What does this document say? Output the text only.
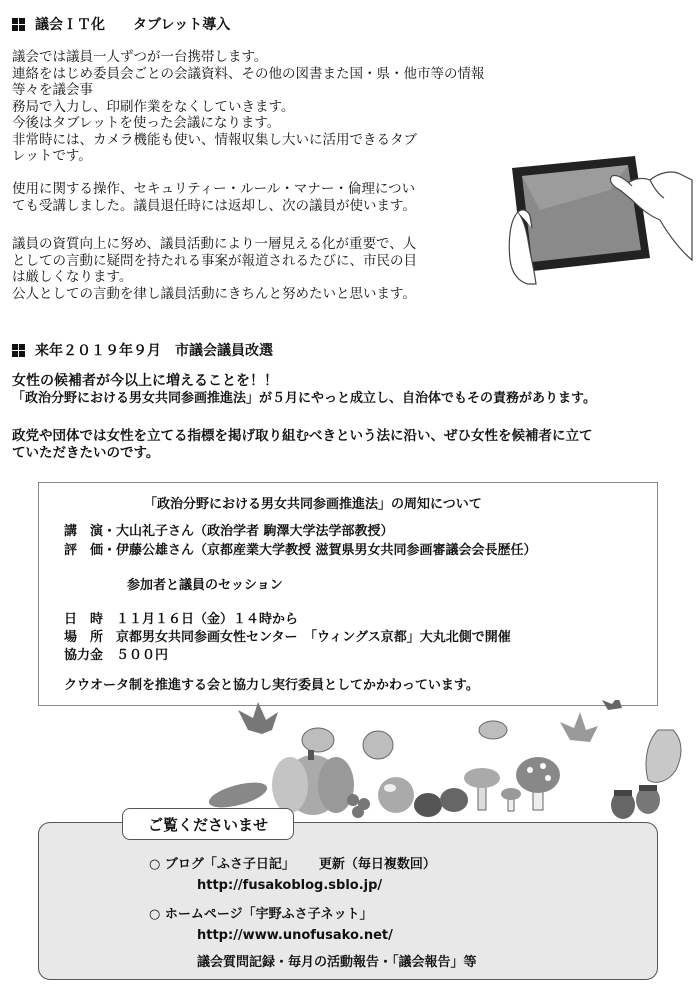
議会ＩＴ化　　タブレット導入
議会では議員一人ずつが一台携帯します。
連絡をはじめ委員会ごとの会議資料、その他の図書また国・県・他市等の情報等々を議会事
務局で入力し、印刷作業をなくしていきます。
今後はタブレットを使った会議になります。
非常時には、カメラ機能も使い、情報収集し大いに活用できるタブ
レットです。
使用に関する操作、セキュリティー・ルール・マナー・倫理につい
ても受講しました。議員退任時には返却し、次の議員が使います。
議員の資質向上に努め、議員活動により一層見える化が重要で、人
としての言動に疑問を持たれる事案が報道されるたびに、市民の目
は厳しくなります。
公人としての言動を律し議員活動にきちんと努めたいと思います。
来年２０１９年９月　市議会議員改選
女性の候補者が今以上に増えることを！！
「政治分野における男女共同参画推進法」が５月にやっと成立し、自治体でもその責務があります。
政党や団体では女性を立てる指標を掲げ取り組むべきという法に沿い、ぜひ女性を候補者に立て
ていただきたいのです。
「政治分野における男女共同参画推進法」の周知について
講　演・大山礼子さん（政治学者 駒澤大学法学部教授）
評　価・伊藤公雄さん（京都産業大学教授 滋賀県男女共同参画審議会会長歴任）
参加者と議員のセッション
日　時　１１月１６日（金）１４時から
場　所　京都男女共同参画女性センター　「ウィングス京都」大丸北側で開催
協力金　５００円
クウオータ制を推進する会と協力し実行委員としてかかわっています。
○ ブログ「ふさ子日記」　　 更新（毎日複数回）
http://fusakoblog.sblo.jp/
○ ホームページ「宇野ふさ子ネット」
http://www.unofusako.net/
議会質問記録・毎月の活動報告・「議会報告」等
ご覧くださいませ
